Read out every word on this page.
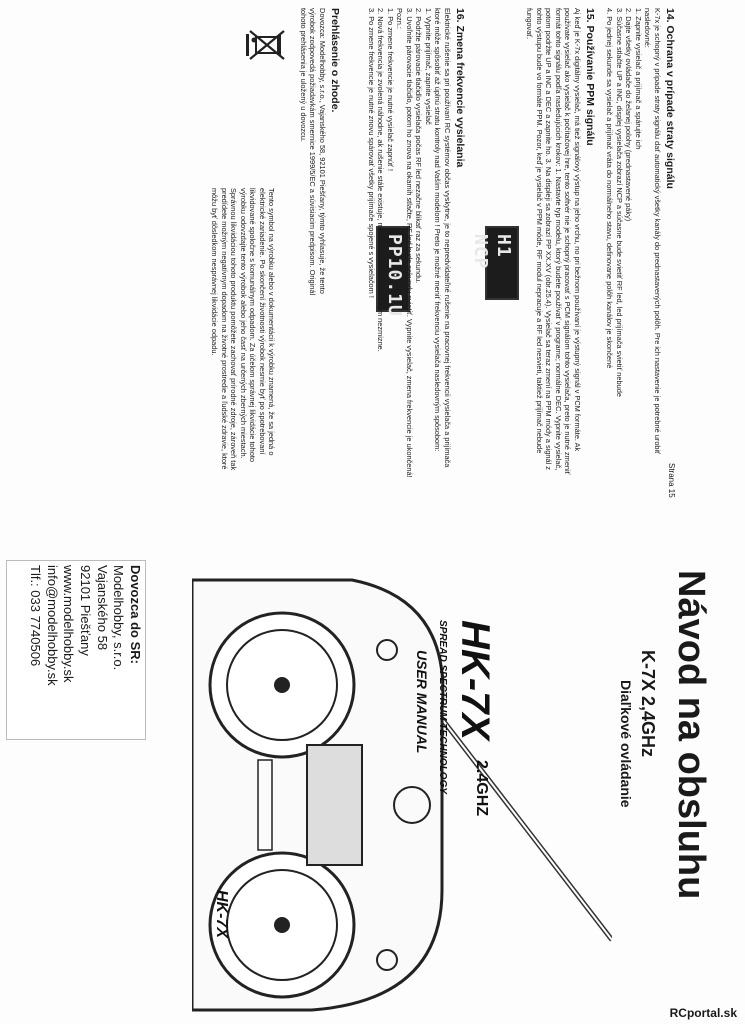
Strana 15
14. Ochrana v prípade straty signálu

K-7x je schopný v prípade straty signálu dať automatický všetky kanály do prednastavených polôh. Pre ich nastavenie je potrebné urobiť nasledovné:

1. Zapnite vysielač a prijímač a spárujte ich

2. Dajte všetky ovládače do želanej polohy (prednastavené páky)

3. Súčasne stlačte UP a INC, displej vysielača zobrazí NCP a súčasne bude svietiť RF led, led prijímača svietiť nebude

4. Po jednej sekunde sa vysielač a prijímač vráta do normálneho stavu, definovane polôh kanálov je skončené

H1 NCP
15. Používanie PPM signálu

Aj keď je K-7x digitálny vysielač, má tiež signálový výstup na jeho vrchu, no pri bežnom používaní je výstupný signál v PCM formáte. Ak používate vysielač ako vysielač k počítačovej hre, tento softvér nie je schopný pracovať s PCM signálom tohto vysielača, preto je nutné zmeniť formát tohto signálu podľa nasledujúcich krokov: 1. Nastavte typ modelu, ktorý budete používať v programe; normálne DEC. Vypnite vysielač, potom podržte UP a INC a DEC a zapnite ho. 3. Na displeji sa zobrazí PP XX.XV (obr.25.4). Vysielač sa teraz zmení na PPM módy a signál z tohto výstupu bude vo formáte PPM. Pozor, keď je vysielač v PPM móde, RF modul nepracuje a RF led nesvieti, taktiež prijímač nebude fungovať.

PP10.1U
16. Zmena frekvencie vysielania

Elektrické rušenie sa pri používaní RC systémov občas vyskytne, je to nepredvídateľné rušenie na pracovnej frekvencii vysielača a prijímača ktoré môže spôsobiť až úplnú stratu kontroly nad Vaším modelom ! Preto je možné meniť frekvenciu vysielača nasledovným spôsobom:

1. Vypnite prijímač, zapnite vysielač

2. Podržte párovacie tlačidlo vysielača počas RF led nezačne blikať raz za sekundu.

3. Uvoľnite párovacie tlačidlo, potom ho znova na okamih stlačte, RF led bude sekundu svietiť. Vypnite vysielač, zmena frekvencie je ukončená!

Pozn.:

1. Po zmene frekvencie je nutné vysielač zapnúť !

2. Nová frekvencia je zvolená náhodne, ak rušenie stále existuje, meňte frekvenciu znova kým nezmizne.

3. Po zmene frekvencie je nutné znovu spárovať všetky prijímače spojené s vysielačom !

Prehlásenie o zhode.

Dovozca: Modelhobby, s.r.o., Vajanského 58, 92101 Piešťany, týmto vyhlasuje, že tento výrobok zodpovedá požiadavkám smernice 1999/5/EC a súvisiacim predpisom. Originál tohoto prehlásenia je uložený u dovozcu.

Tento symbol na výrobku alebo v dokumentácii k výrobku znamená, že sa jedná o elektrické zariadenie. Po skončení životnosti výrobok nesmie byť po spotrebovaní likvidované spoločne s komunálnym odpadom. Za účelom správnej likvidácie tohoto výrobku odovzdajte tento výrobok alebo jeho časť na určených zberných miestach. Správnou likvidáciou tohoto produktu pomôžete zachovať prírodné zdroje, zároveň tak predídete možným negatívnym dopadom na životné prostredie a ľudské zdravie, ktoré môžu byť dôsledkom nesprávnej likvidácie odpadu.

Návod na obsluhu

K-7X 2,4GHz

Diaľkové ovládanie

HK-7X
2.4GHZ
SPREAD SPECTRUM TECHNOLOGY
USER MANUAL
HK-7X
Dovozca do SR:
Modelhobby, s.r.o.
Vajanského 58
92101 Piešťany
www.modelhobby.sk
info@modelhobby.sk
Tlf.: 033 7740506
RCportal.sk
